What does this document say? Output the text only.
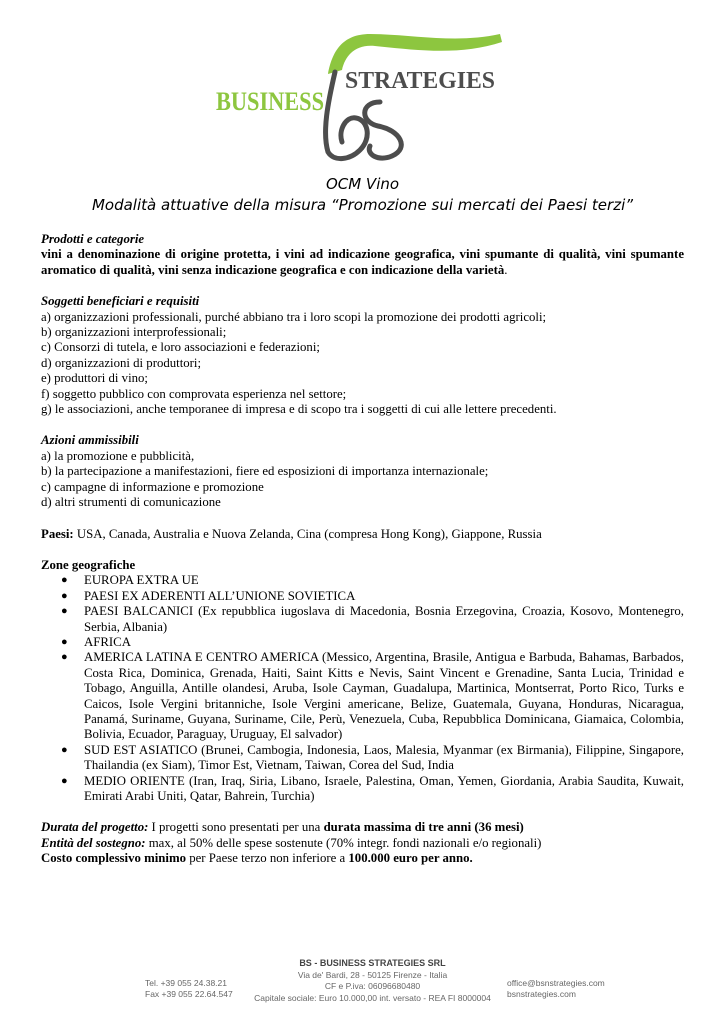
BUSINESS
STRATEGIES
OCM Vino
Modalità attuative della misura “Promozione sui mercati dei Paesi terzi”

Prodotti e categorie

vini a denominazione di origine protetta, i vini ad indicazione geografica, vini spumante di qualità, vini spumante aromatico di qualità, vini senza indicazione geografica e con indicazione della varietà.

Soggetti beneficiari e requisiti

a) organizzazioni professionali, purché abbiano tra i loro scopi la promozione dei prodotti agricoli;

b) organizzazioni interprofessionali;

c) Consorzi di tutela, e loro associazioni e federazioni;

d) organizzazioni di produttori;

e) produttori di vino;

f) soggetto pubblico con comprovata esperienza nel settore;

g) le associazioni, anche temporanee di impresa e di scopo tra i soggetti di cui alle lettere precedenti.

Azioni ammissibili

a) la promozione e pubblicità,

b) la partecipazione a manifestazioni, fiere ed esposizioni di importanza internazionale;

c) campagne di informazione e promozione

d) altri strumenti di comunicazione

Paesi: USA, Canada, Australia e Nuova Zelanda, Cina (compresa Hong Kong), Giappone, Russia

Zone geografiche

● EUROPA EXTRA UE
● PAESI EX ADERENTI ALL’UNIONE SOVIETICA
● PAESI BALCANICI (Ex repubblica iugoslava di Macedonia, Bosnia Erzegovina, Croazia, Kosovo, Montenegro, Serbia, Albania)
● AFRICA
● AMERICA LATINA E CENTRO AMERICA (Messico, Argentina, Brasile, Antigua e Barbuda, Bahamas, Barbados, Costa Rica, Dominica, Grenada, Haiti, Saint Kitts e Nevis, Saint Vincent e Grenadine, Santa Lucia, Trinidad e Tobago, Anguilla, Antille olandesi, Aruba, Isole Cayman, Guadalupa, Martinica, Montserrat, Porto Rico, Turks e Caicos, Isole Vergini britanniche, Isole Vergini americane, Belize, Guatemala, Guyana, Honduras, Nicaragua, Panamá, Suriname, Guyana, Suriname, Cile, Perù, Venezuela, Cuba, Repubblica Dominicana, Giamaica, Colombia, Bolivia, Ecuador, Paraguay, Uruguay, El salvador)
● SUD EST ASIATICO (Brunei, Cambogia, Indonesia, Laos, Malesia, Myanmar (ex Birmania), Filippine, Singapore, Thailandia (ex Siam), Timor Est, Vietnam, Taiwan, Corea del Sud, India
● MEDIO ORIENTE (Iran, Iraq, Siria, Libano, Israele, Palestina, Oman, Yemen, Giordania, Arabia Saudita, Kuwait, Emirati Arabi Uniti, Qatar, Bahrein, Turchia)

Durata del progetto: I progetti sono presentati per una durata massima di tre anni (36 mesi)

Entità del sostegno: max, al 50% delle spese sostenute (70% integr. fondi nazionali e/o regionali)

Costo complessivo minimo per Paese terzo non inferiore a 100.000 euro per anno.

Tel. +39 055 24.38.21
Fax +39 055 22.64.547
BS - BUSINESS STRATEGIES SRL
Via de' Bardi, 28 - 50125 Firenze - Italia
CF e P.iva: 06096680480
Capitale sociale: Euro 10.000,00 int. versato - REA FI 8000004
office@bsnstrategies.com
bsnstrategies.com
